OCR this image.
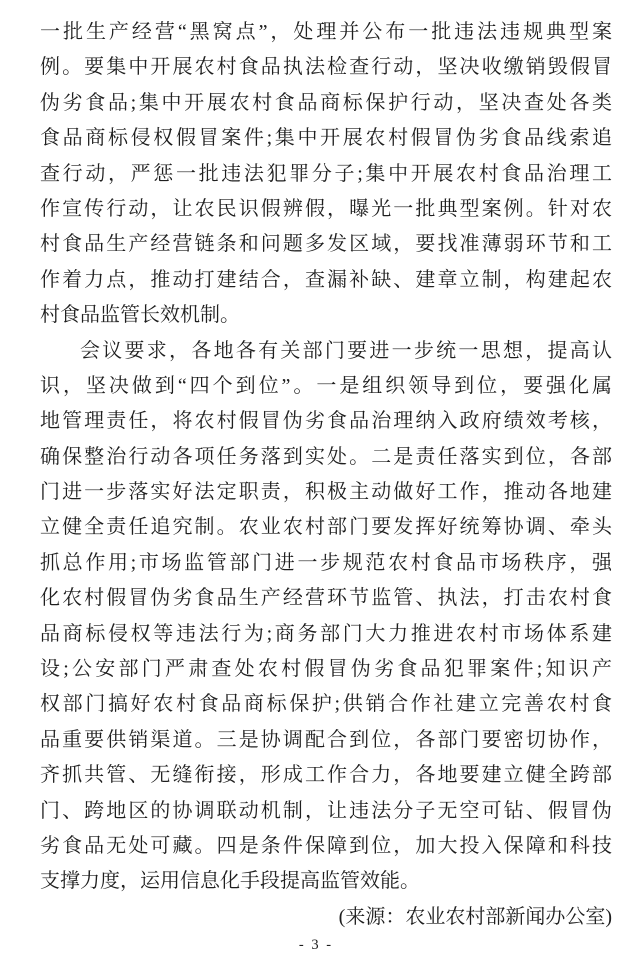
一批生产经营“黑窝点”，处理并公布一批违法违规典型案
例。要集中开展农村食品执法检查行动，坚决收缴销毁假冒
伪劣食品;集中开展农村食品商标保护行动，坚决查处各类
食品商标侵权假冒案件;集中开展农村假冒伪劣食品线索追
查行动，严惩一批违法犯罪分子;集中开展农村食品治理工
作宣传行动，让农民识假辨假，曝光一批典型案例。针对农
村食品生产经营链条和问题多发区域，要找准薄弱环节和工
作着力点，推动打建结合，查漏补缺、建章立制，构建起农
村食品监管长效机制。
会议要求，各地各有关部门要进一步统一思想，提高认
识，坚决做到“四个到位”。一是组织领导到位，要强化属
地管理责任，将农村假冒伪劣食品治理纳入政府绩效考核，
确保整治行动各项任务落到实处。二是责任落实到位，各部
门进一步落实好法定职责，积极主动做好工作，推动各地建
立健全责任追究制。农业农村部门要发挥好统筹协调、牵头
抓总作用;市场监管部门进一步规范农村食品市场秩序，强
化农村假冒伪劣食品生产经营环节监管、执法，打击农村食
品商标侵权等违法行为;商务部门大力推进农村市场体系建
设;公安部门严肃查处农村假冒伪劣食品犯罪案件;知识产
权部门搞好农村食品商标保护;供销合作社建立完善农村食
品重要供销渠道。三是协调配合到位，各部门要密切协作，
齐抓共管、无缝衔接，形成工作合力，各地要建立健全跨部
门、跨地区的协调联动机制，让违法分子无空可钻、假冒伪
劣食品无处可藏。四是条件保障到位，加大投入保障和科技
支撑力度，运用信息化手段提高监管效能。
(来源：农业农村部新闻办公室)
- 3 -
